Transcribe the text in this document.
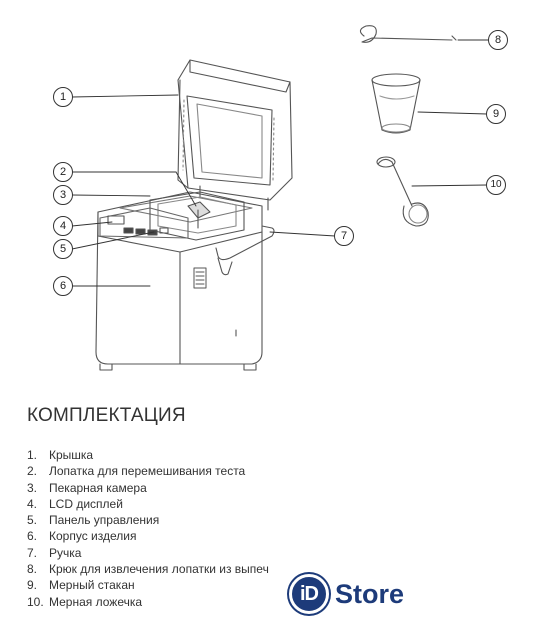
1
2
3
4
5
6
7
8
9
10
КОМПЛЕКТАЦИЯ
1. Крышка
2. Лопатка для перемешивания теста
3. Пекарная камера
4. LCD дисплей
5. Панель управления
6. Корпус изделия
7. Ручка
8. Крюк для извлечения лопатки из выпеч
9. Мерный стакан
10. Мерная ложечка	iD Store
